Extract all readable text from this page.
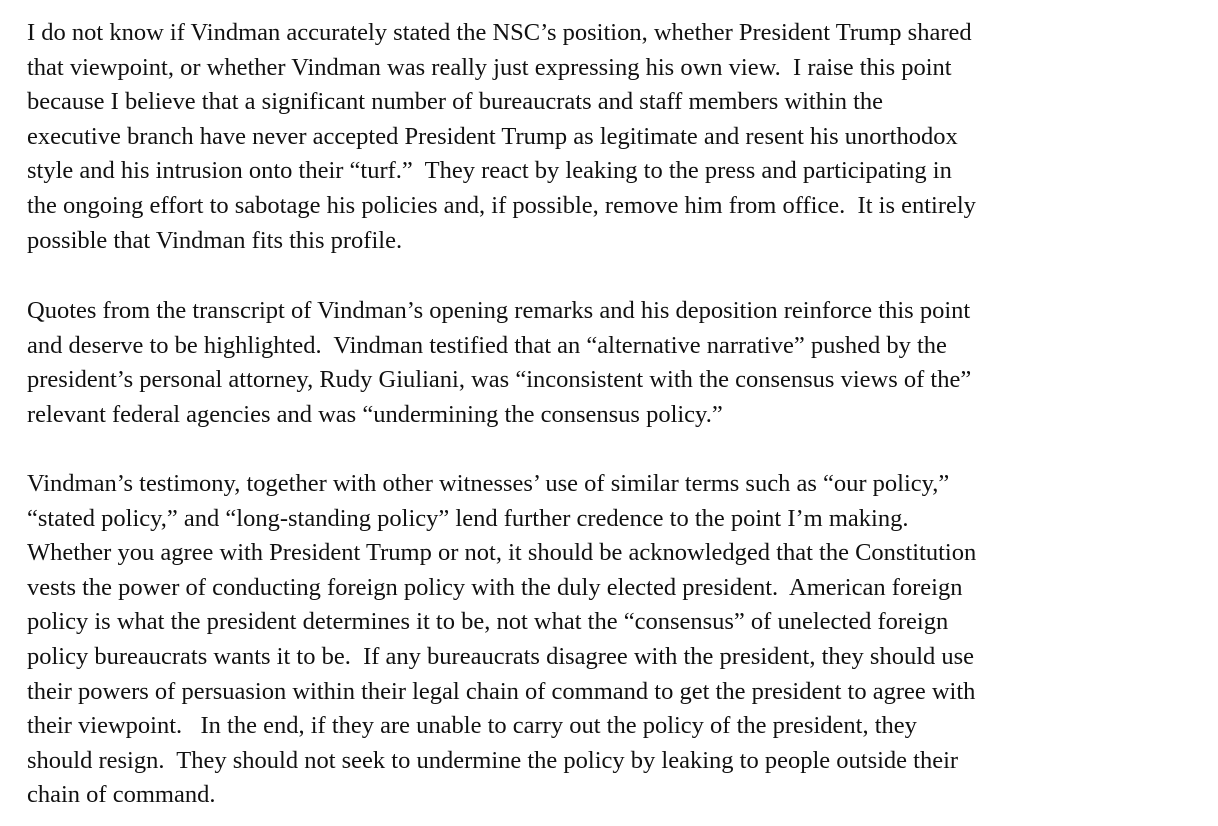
I do not know if Vindman accurately stated the NSC’s position, whether President Trump shared
that viewpoint, or whether Vindman was really just expressing his own view.  I raise this point
because I believe that a significant number of bureaucrats and staff members within the
executive branch have never accepted President Trump as legitimate and resent his unorthodox
style and his intrusion onto their “turf.”  They react by leaking to the press and participating in
the ongoing effort to sabotage his policies and, if possible, remove him from office.  It is entirely
possible that Vindman fits this profile.

Quotes from the transcript of Vindman’s opening remarks and his deposition reinforce this point
and deserve to be highlighted.  Vindman testified that an “alternative narrative” pushed by the
president’s personal attorney, Rudy Giuliani, was “inconsistent with the consensus views of the”
relevant federal agencies and was “undermining the consensus policy.”

Vindman’s testimony, together with other witnesses’ use of similar terms such as “our policy,”
“stated policy,” and “long-standing policy” lend further credence to the point I’m making.
Whether you agree with President Trump or not, it should be acknowledged that the Constitution
vests the power of conducting foreign policy with the duly elected president.  American foreign
policy is what the president determines it to be, not what the “consensus” of unelected foreign
policy bureaucrats wants it to be.  If any bureaucrats disagree with the president, they should use
their powers of persuasion within their legal chain of command to get the president to agree with
their viewpoint.   In the end, if they are unable to carry out the policy of the president, they
should resign.  They should not seek to undermine the policy by leaking to people outside their
chain of command.
